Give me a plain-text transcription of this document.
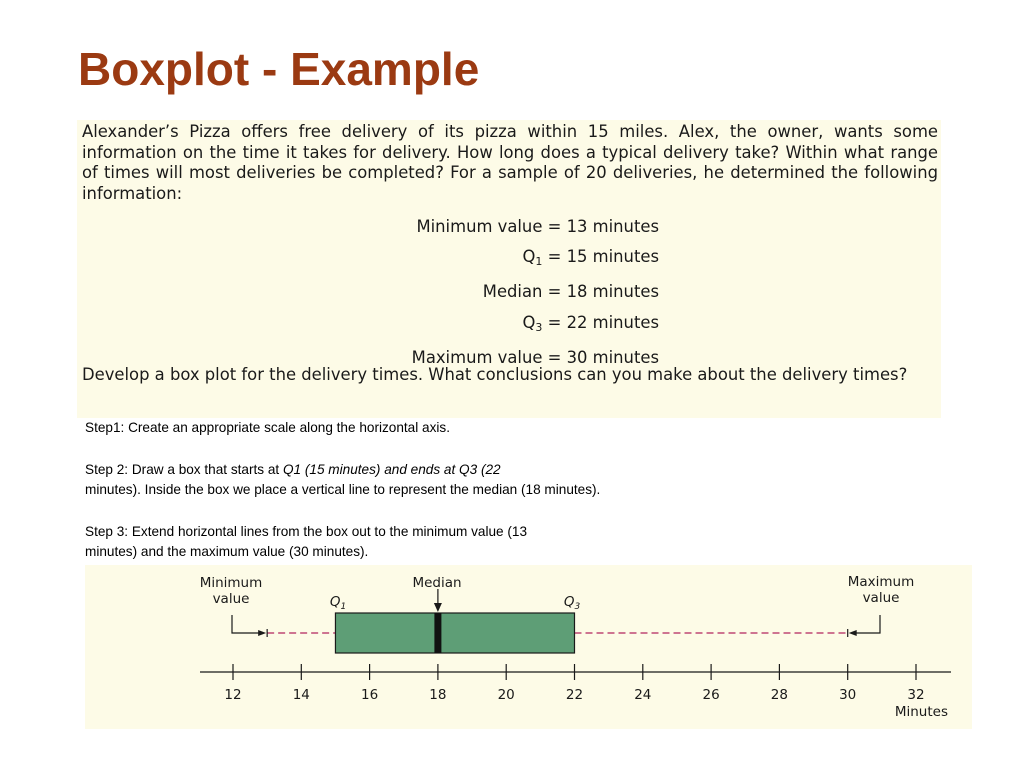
Boxplot - Example

Alexander’s Pizza offers free delivery of its pizza within 15 miles. Alex, the owner, wants some information on the time it takes for delivery. How long does a typical delivery take? Within what range of times will most deliveries be completed? For a sample of 20 deliveries, he determined the following information:

Minimum value = 13 minutes
$Q_1 = 15$ minutes
Median = 18 minutes
$Q_3 = 22$ minutes
Maximum value = 30 minutes

Develop a box plot for the delivery times. What conclusions can you make about the delivery times?

Step1: Create an appropriate scale along the horizontal axis.

Step 2: Draw a box that starts at Q1 (15 minutes) and ends at Q3 (22
minutes). Inside the box we place a vertical line to represent the median (18 minutes).

Step 3: Extend horizontal lines from the box out to the minimum value (13
minutes) and the maximum value (30 minutes).

12	14	16	18	20	22	24	26	28	30	32
Minutes
Minimum
value
Median
$Q_1$	$Q_3$
Maximum
value
